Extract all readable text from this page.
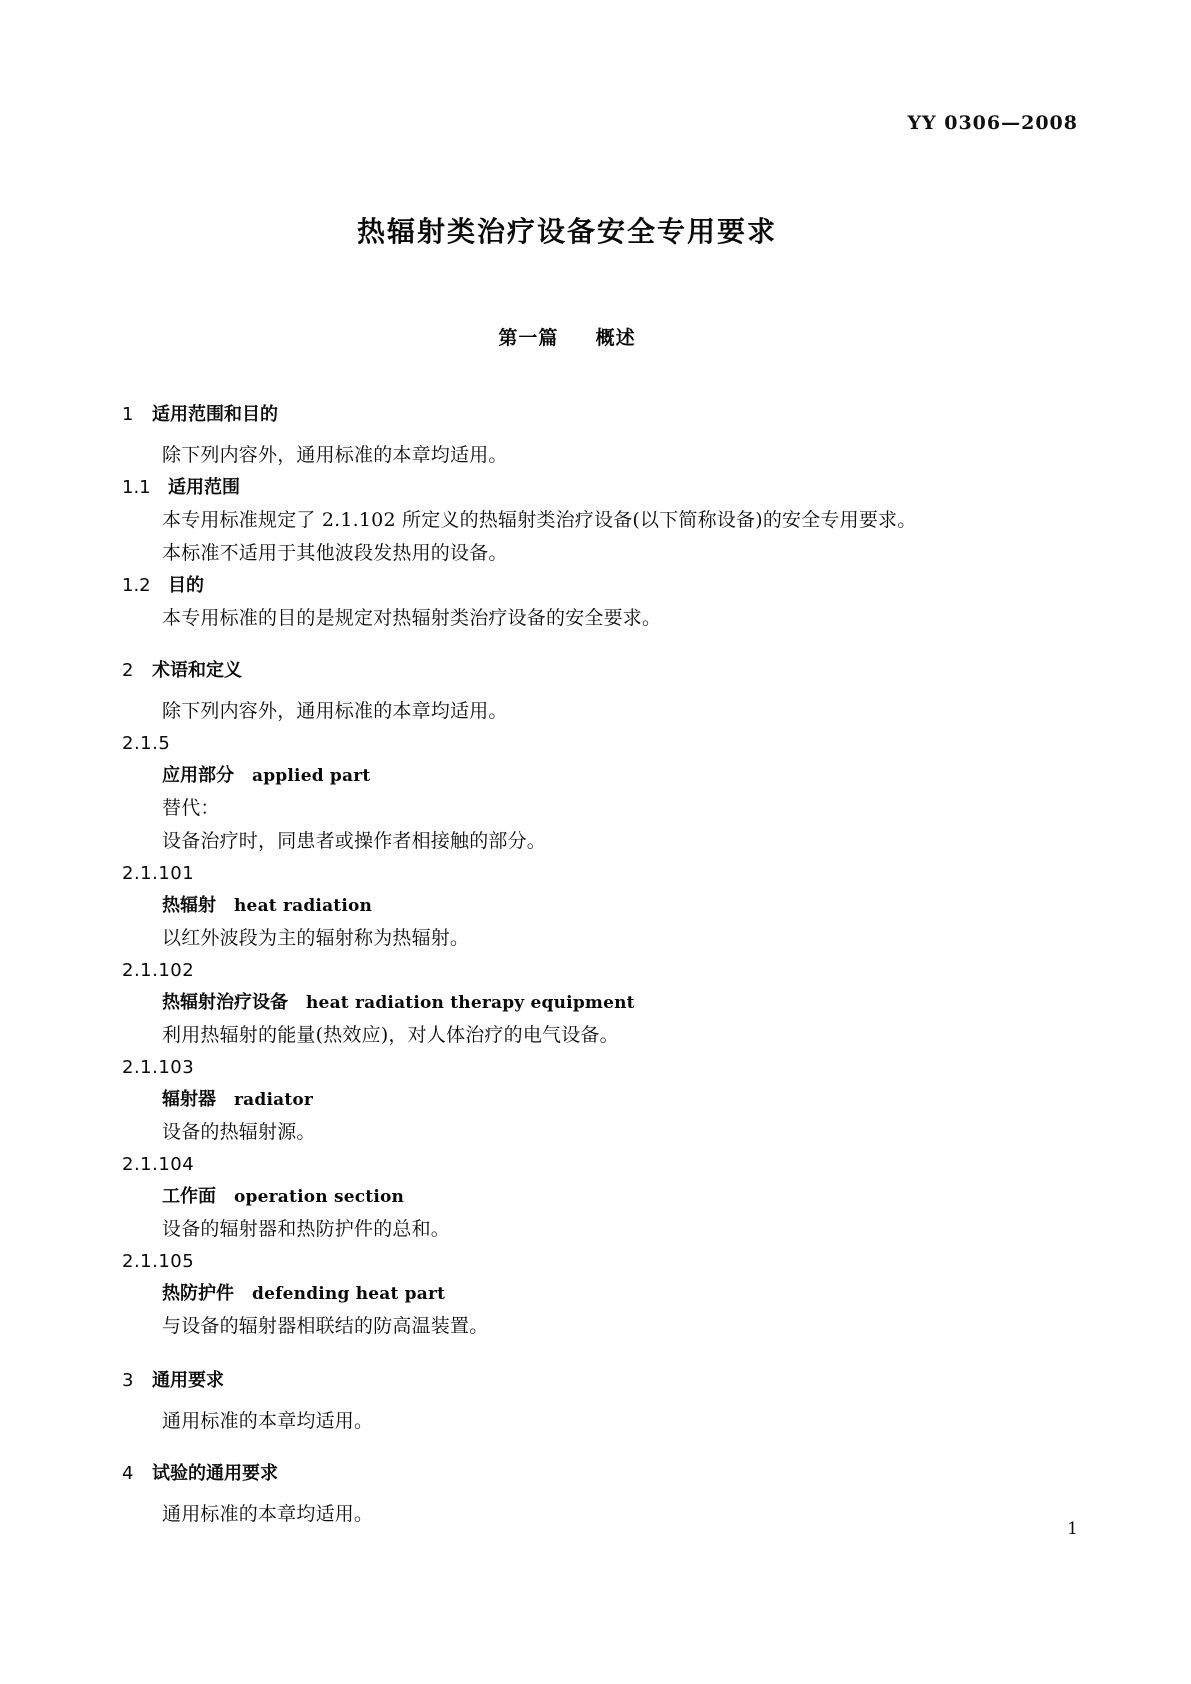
YY 0306—2008
热辐射类治疗设备安全专用要求
第一篇 概述

1 适用范围和目的

除下列内容外，通用标准的本章均适用。

1.1 适用范围

本专用标准规定了 2.1.102 所定义的热辐射类治疗设备(以下简称设备)的安全专用要求。

本标准不适用于其他波段发热用的设备。

1.2 目的

本专用标准的目的是规定对热辐射类治疗设备的安全要求。

2 术语和定义

除下列内容外，通用标准的本章均适用。

2.1.5

应用部分 applied part

替代：

设备治疗时，同患者或操作者相接触的部分。

2.1.101

热辐射 heat radiation

以红外波段为主的辐射称为热辐射。

2.1.102

热辐射治疗设备 heat radiation therapy equipment

利用热辐射的能量(热效应)，对人体治疗的电气设备。

2.1.103

辐射器 radiator

设备的热辐射源。

2.1.104

工作面 operation section

设备的辐射器和热防护件的总和。

2.1.105

热防护件 defending heat part

与设备的辐射器相联结的防高温装置。

3 通用要求

通用标准的本章均适用。

4 试验的通用要求

通用标准的本章均适用。

1
